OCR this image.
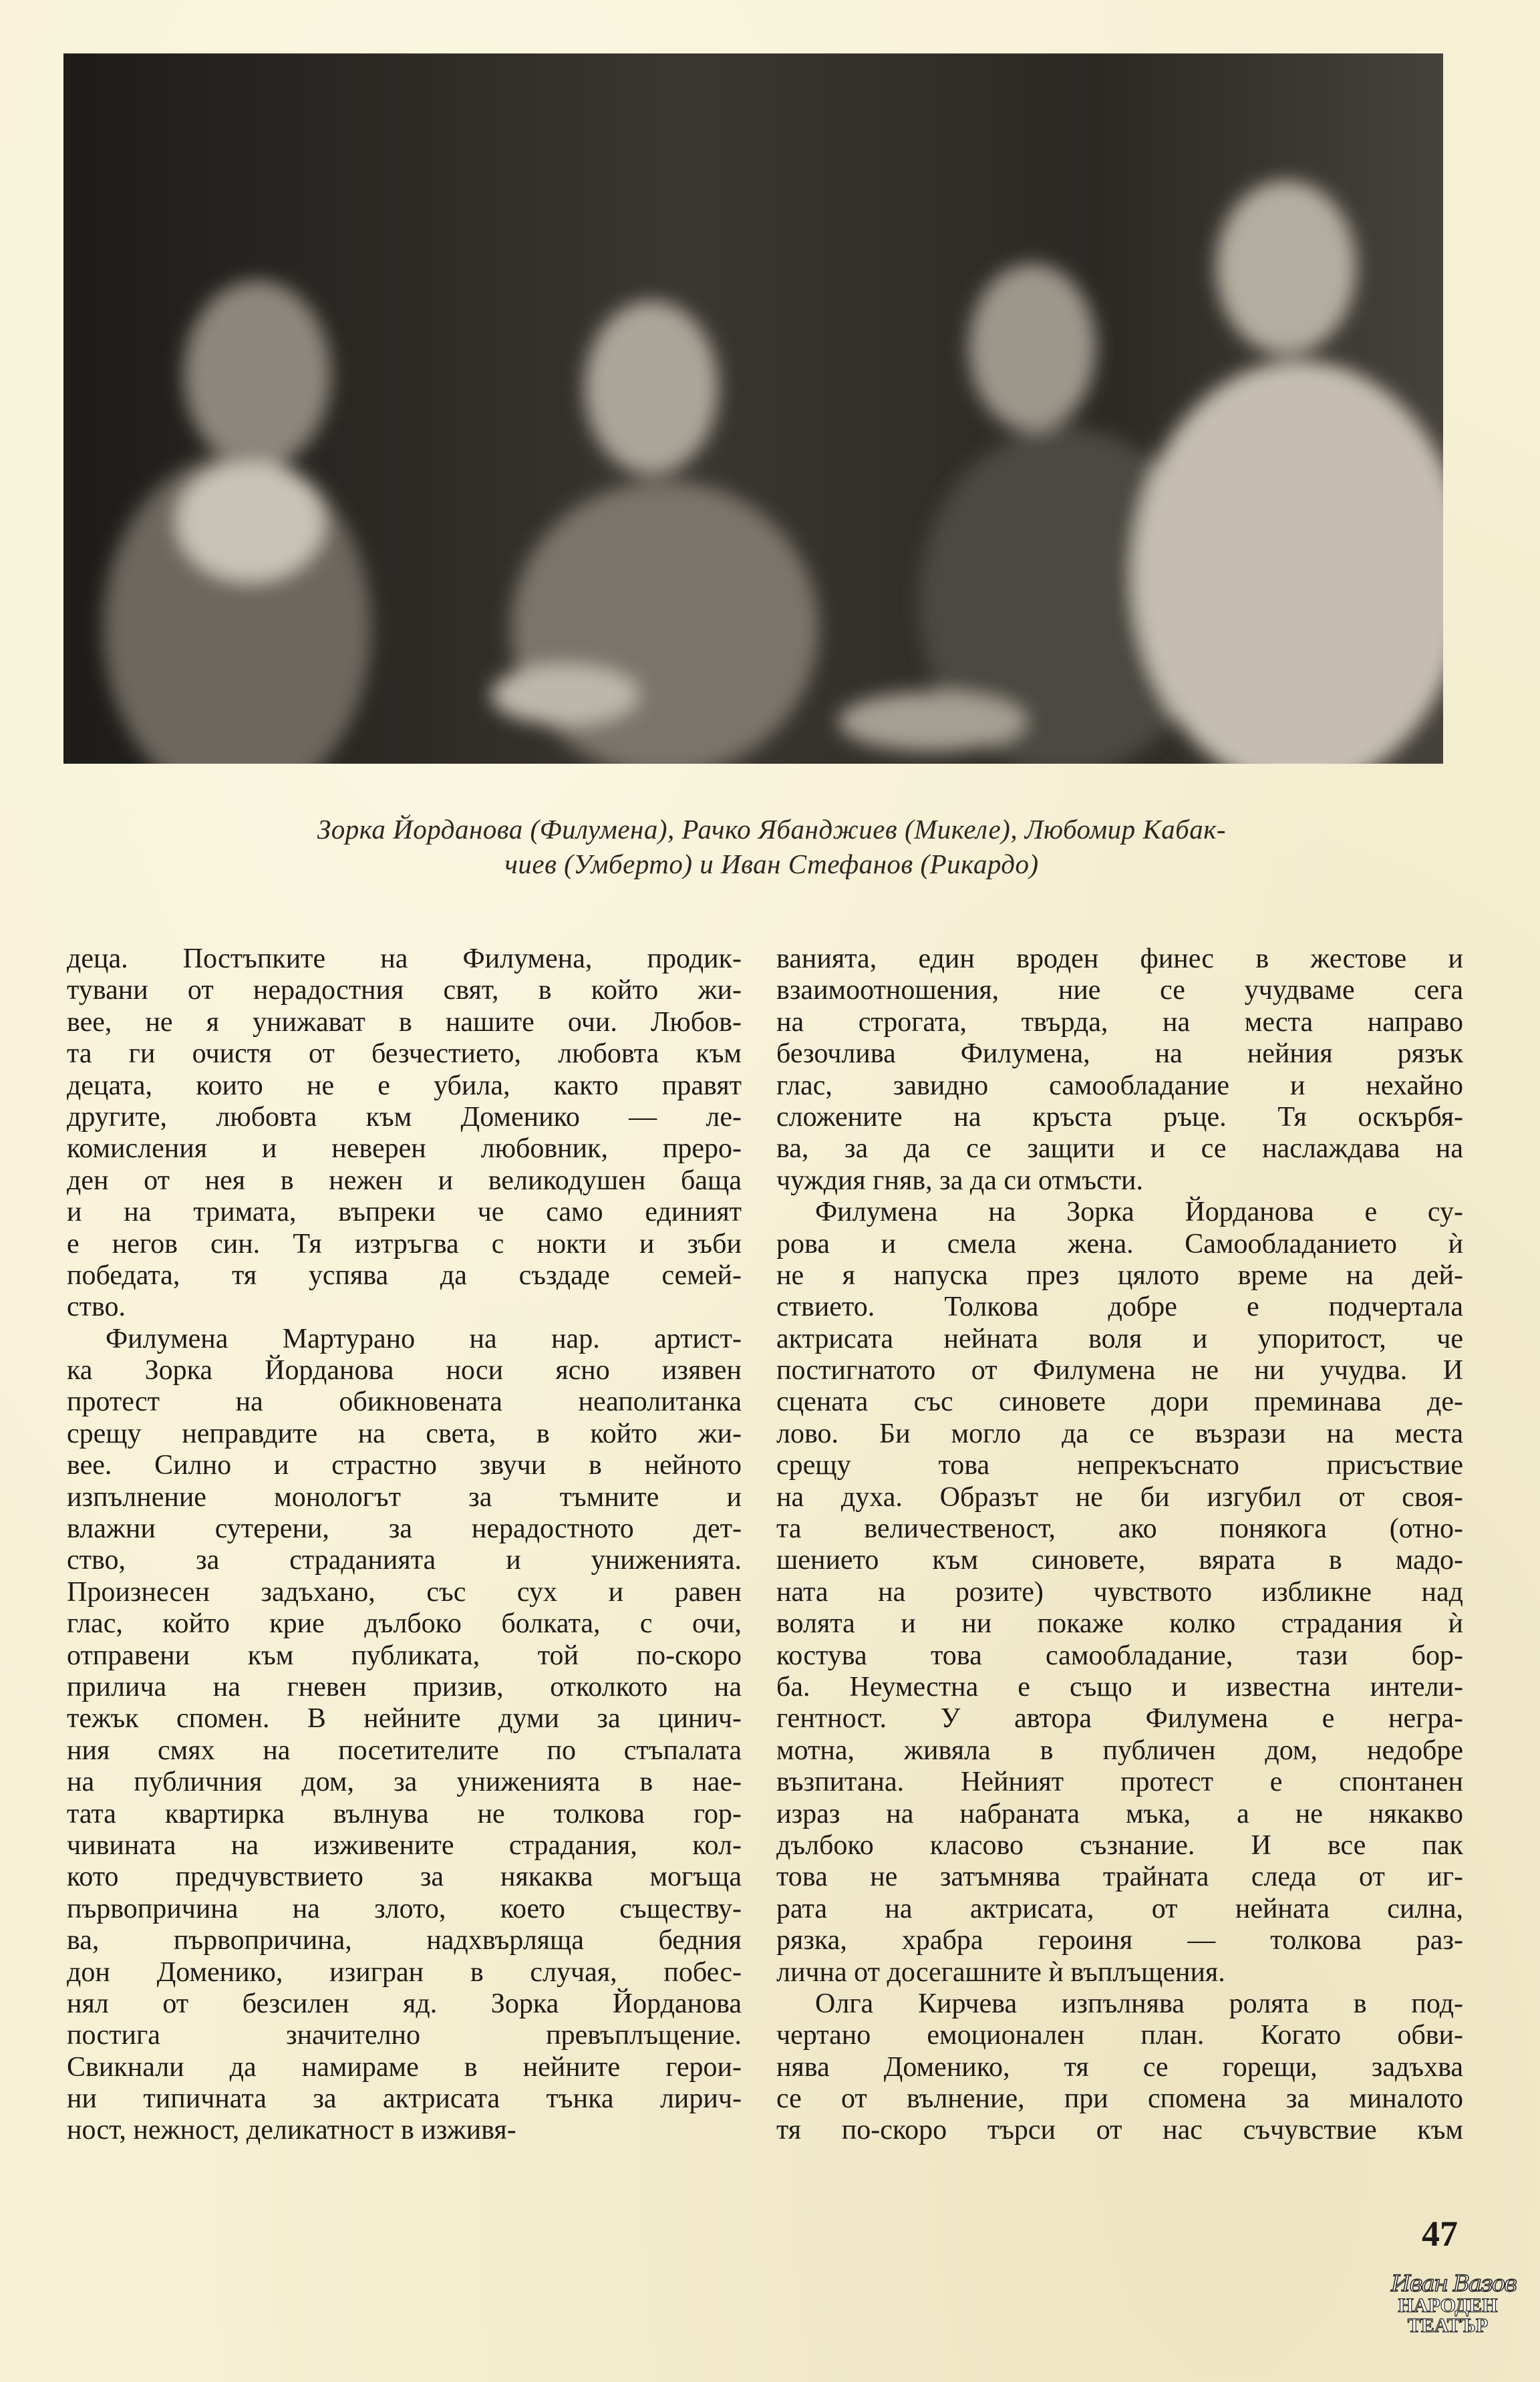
Зорка Йорданова (Филумена), Рачко Ябанджиев (Микеле), Любомир Кабак-
чиев (Умберто) и Иван Стефанов (Рикардо)
деца. Постъпките на Филумена, продик-
тувани от нерадостния свят, в който жи-
вее, не я унижават в нашите очи. Любов-
та ги очистя от безчестието, любовта към
децата, които не е убила, както правят
другите, любовта към Доменико — ле-
комисления и неверен любовник, преро-
ден от нея в нежен и великодушен баща
и на тримата, въпреки че само единият
е негов син. Тя изтръгва с нокти и зъби
победата, тя успява да създаде семей-
ство.
Филумена Мартурано на нар. артист-
ка Зорка Йорданова носи ясно изявен
протест на обикновената неаполитанка
срещу неправдите на света, в който жи-
вее. Силно и страстно звучи в нейното
изпълнение монологът за тъмните и
влажни сутерени, за нерадостното дет-
ство, за страданията и униженията.
Произнесен задъхано, със сух и равен
глас, който крие дълбоко болката, с очи,
отправени към публиката, той по-скоро
прилича на гневен призив, отколкото на
тежък спомен. В нейните думи за цинич-
ния смях на посетителите по стъпалата
на публичния дом, за униженията в нае-
тата квартирка вълнува не толкова гор-
чивината на изживените страдания, кол-
кото предчувствието за някаква могъща
първопричина на злото, което съществу-
ва, първопричина, надхвърляща бедния
дон Доменико, изигран в случая, побес-
нял от безсилен яд. Зорка Йорданова
постига значително превъплъщение.
Свикнали да намираме в нейните герои-
ни типичната за актрисата тънка лирич-
ност, нежност, деликатност в изживя-
ванията, един вроден финес в жестове и
взаимоотношения, ние се учудваме сега
на строгата, твърда, на места направо
безочлива Филумена, на нейния рязък
глас, завидно самообладание и нехайно
сложените на кръста ръце. Тя оскърбя-
ва, за да се защити и се наслаждава на
чуждия гняв, за да си отмъсти.
Филумена на Зорка Йорданова е су-
рова и смела жена. Самообладанието ѝ
не я напуска през цялото време на дей-
ствието. Толкова добре е подчертала
актрисата нейната воля и упоритост, че
постигнатото от Филумена не ни учудва. И
сцената със синовете дори преминава де-
лово. Би могло да се възрази на места
срещу това непрекъснато присъствие
на духа. Образът не би изгубил от своя-
та величественост, ако понякога (отно-
шението към синовете, вярата в мадо-
ната на розите) чувството избликне над
волята и ни покаже колко страдания ѝ
костува това самообладание, тази бор-
ба. Неуместна е също и известна интели-
гентност. У автора Филумена е негра-
мотна, живяла в публичен дом, недобре
възпитана. Нейният протест е спонтанен
израз на набраната мъка, а не някакво
дълбоко класово съзнание. И все пак
това не затъмнява трайната следа от иг-
рата на актрисата, от нейната силна,
рязка, храбра героиня — толкова раз-
лична от досегашните ѝ въплъщения.
Олга Кирчева изпълнява ролята в под-
чертано емоционален план. Когато обви-
нява Доменико, тя се горещи, задъхва
се от вълнение, при спомена за миналото
тя по-скоро търси от нас съчувствие към
47
Иван Вазов
НАРОДЕН
ТЕАТЪР
